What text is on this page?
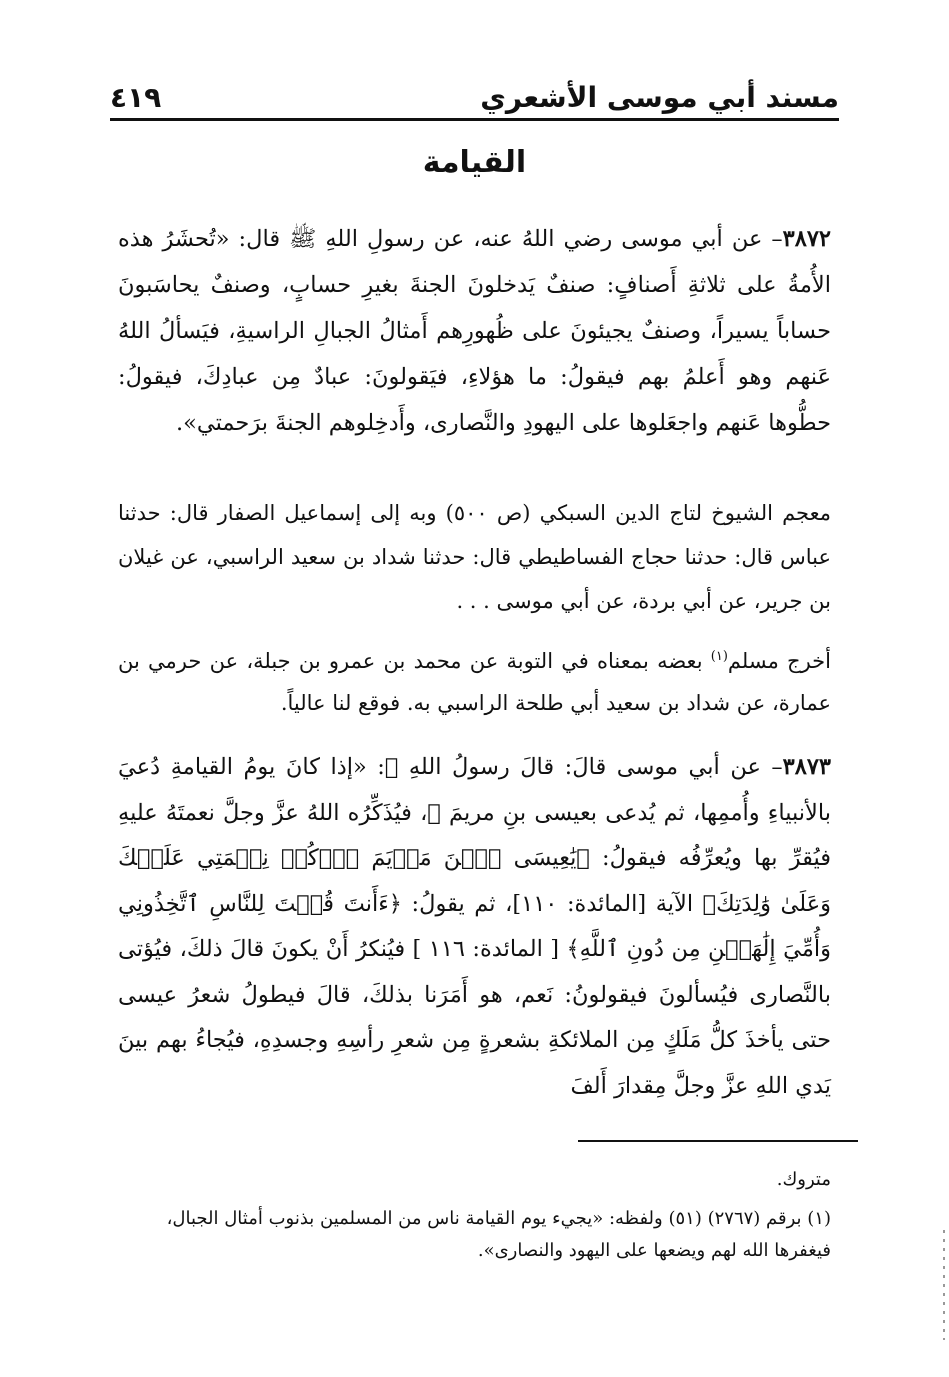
مسند أبي موسى الأشعري
٤١٩
القيامة
٣٨٧٢– عن أبي موسى رضي اللهُ عنه، عن رسولِ اللهِ ﷺ قال: «تُحشَرُ هذه الأُمةُ على ثلاثةِ أَصنافٍ: صنفٌ يَدخلونَ الجنةَ بغيرِ حسابٍ، وصنفٌ يحاسَبونَ حساباً يسيراً، وصنفٌ يجيئونَ على ظُهورِهم أَمثالُ الجبالِ الراسيةِ، فيَسألُ اللهُ عَنهم وهو أَعلمُ بهم فيقولُ: ما هؤلاءِ، فيَقولونَ: عبادٌ مِن عبادِكَ، فيقولُ: حطُّوها عَنهم واجعَلوها على اليهودِ والنَّصارى، وأَدخِلوهم الجنةَ برَحمتي».
معجم الشيوخ لتاج الدين السبكي (ص ٥٠٠) وبه إلى إسماعيل الصفار قال: حدثنا عباس قال: حدثنا حجاج الفساطيطي قال: حدثنا شداد بن سعيد الراسبي، عن غيلان بن جرير، عن أبي بردة، عن أبي موسى . . .
أخرج مسلم$^{(١)}$ بعضه بمعناه في التوبة عن محمد بن عمرو بن جبلة، عن حرمي بن عمارة، عن شداد بن سعيد أبي طلحة الراسبي به. فوقع لنا عالياً.
٣٨٧٣– عن أبي موسى قالَ: قالَ رسولُ اللهِ ﷺ: «إذا كانَ يومُ القيامةِ دُعيَ بالأنبياءِ وأُممِها، ثم يُدعى بعيسى بنِ مريمَ ﷺ، فيُذَكِّرُه اللهُ عزَّ وجلَّ نعمتَهُ عليهِ فيُقرِّ بها ويُعرِّفُه فيقولُ: ﴿يَٰعِيسَى ٱبۡنَ مَرۡيَمَ ٱذۡكُرۡ نِعۡمَتِي عَلَيۡكَ وَعَلَىٰ وَٰلِدَتِكَ﴾ الآية [المائدة: ١١٠]، ثم يقولُ: ﴿ءَأَنتَ قُلۡتَ لِلنَّاسِ ٱتَّخِذُونِي وَأُمِّيَ إِلَٰهَيۡنِ مِن دُونِ ٱللَّهِ﴾ [ المائدة: ١١٦ ] فيُنكرُ أَنْ يكونَ قالَ ذلكَ، فيُؤتى بالنَّصارى فيُسألونَ فيقولونُ: نَعم، هو أَمَرَنا بذلكَ، قالَ فيطولُ شعرُ عيسى حتى يأخذَ كلُّ مَلَكٍ مِن الملائكةِ بشعرةٍ مِن شعرِ رأسِهِ وجسدِهِ، فيُجاءُ بهم بينَ يَدي اللهِ عزَّ وجلَّ مِقدارَ أَلفَ
متروك.
(١) برقم (٢٧٦٧) (٥١) ولفظه: «يجيء يوم القيامة ناس من المسلمين بذنوب أمثال الجبال، فيغفرها الله لهم ويضعها على اليهود والنصارى».
